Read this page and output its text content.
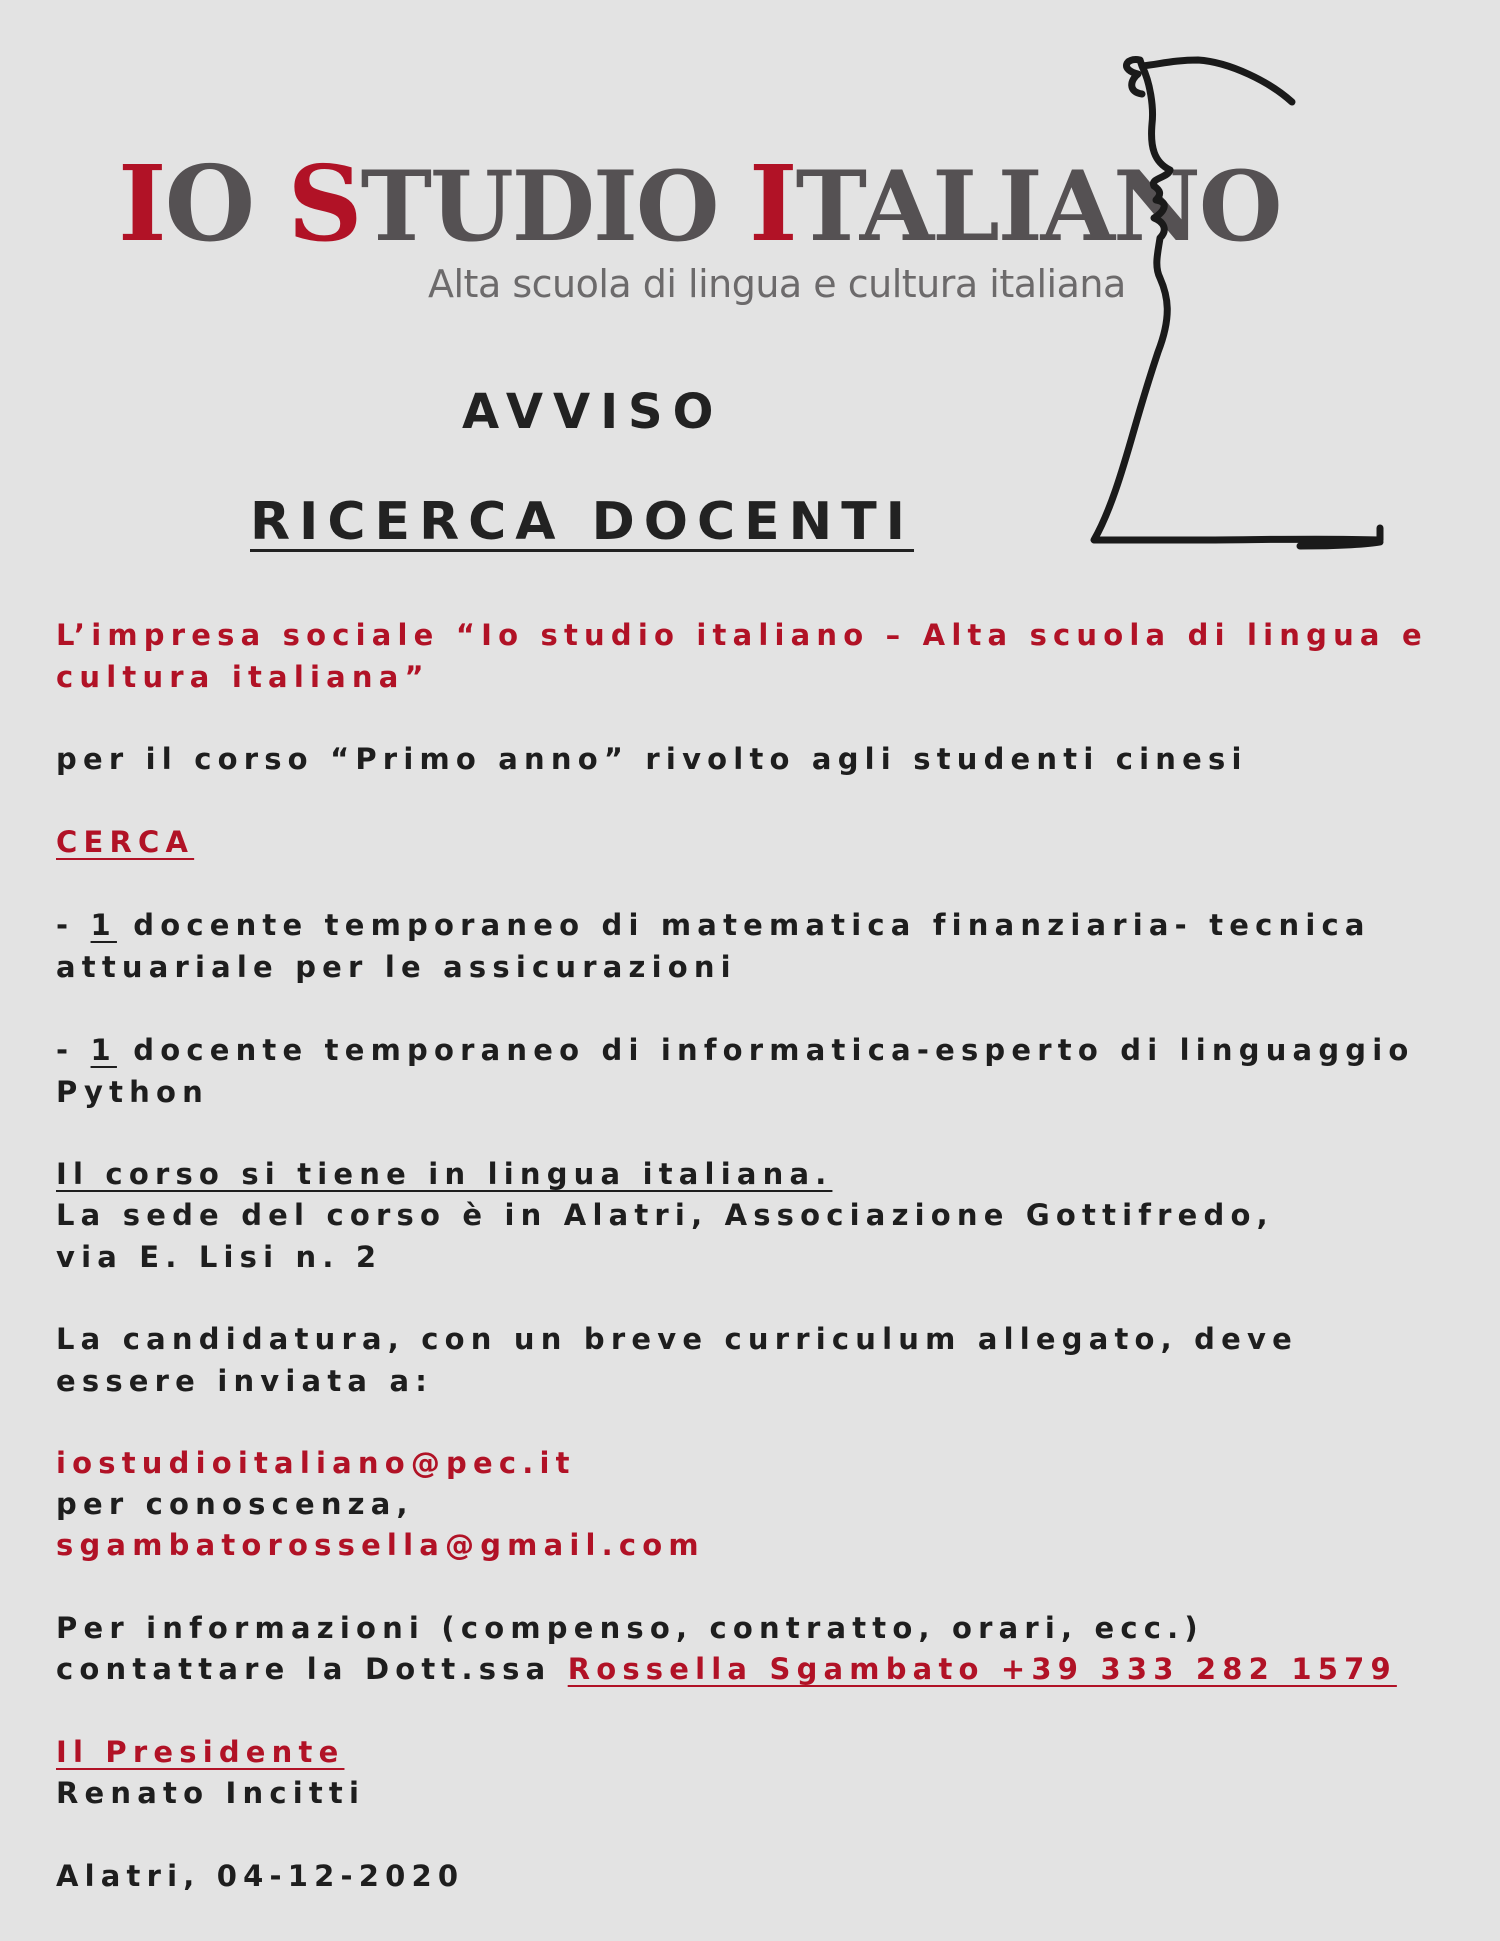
IO STUDIO ITALIANO

Alta scuola di lingua e cultura italiana

AVVISO
RICERCA DOCENTI

L’impresa sociale “Io studio italiano – Alta scuola di lingua e
cultura italiana”

per il corso “Primo anno” rivolto agli studenti cinesi

CERCA

- 1 docente temporaneo di matematica finanziaria- tecnica
attuariale per le assicurazioni

- 1 docente temporaneo di informatica-esperto di linguaggio
Python

Il corso si tiene in lingua italiana.

La sede del corso è in Alatri, Associazione Gottifredo,
via E. Lisi n. 2

La candidatura, con un breve curriculum allegato, deve
essere inviata a:

iostudioitaliano@pec.it

per conoscenza,

sgambatorossella@gmail.com

Per informazioni (compenso, contratto, orari, ecc.)

contattare la Dott.ssa Rossella Sgambato +39 333 282 1579

Il Presidente

Renato Incitti

Alatri, 04-12-2020
